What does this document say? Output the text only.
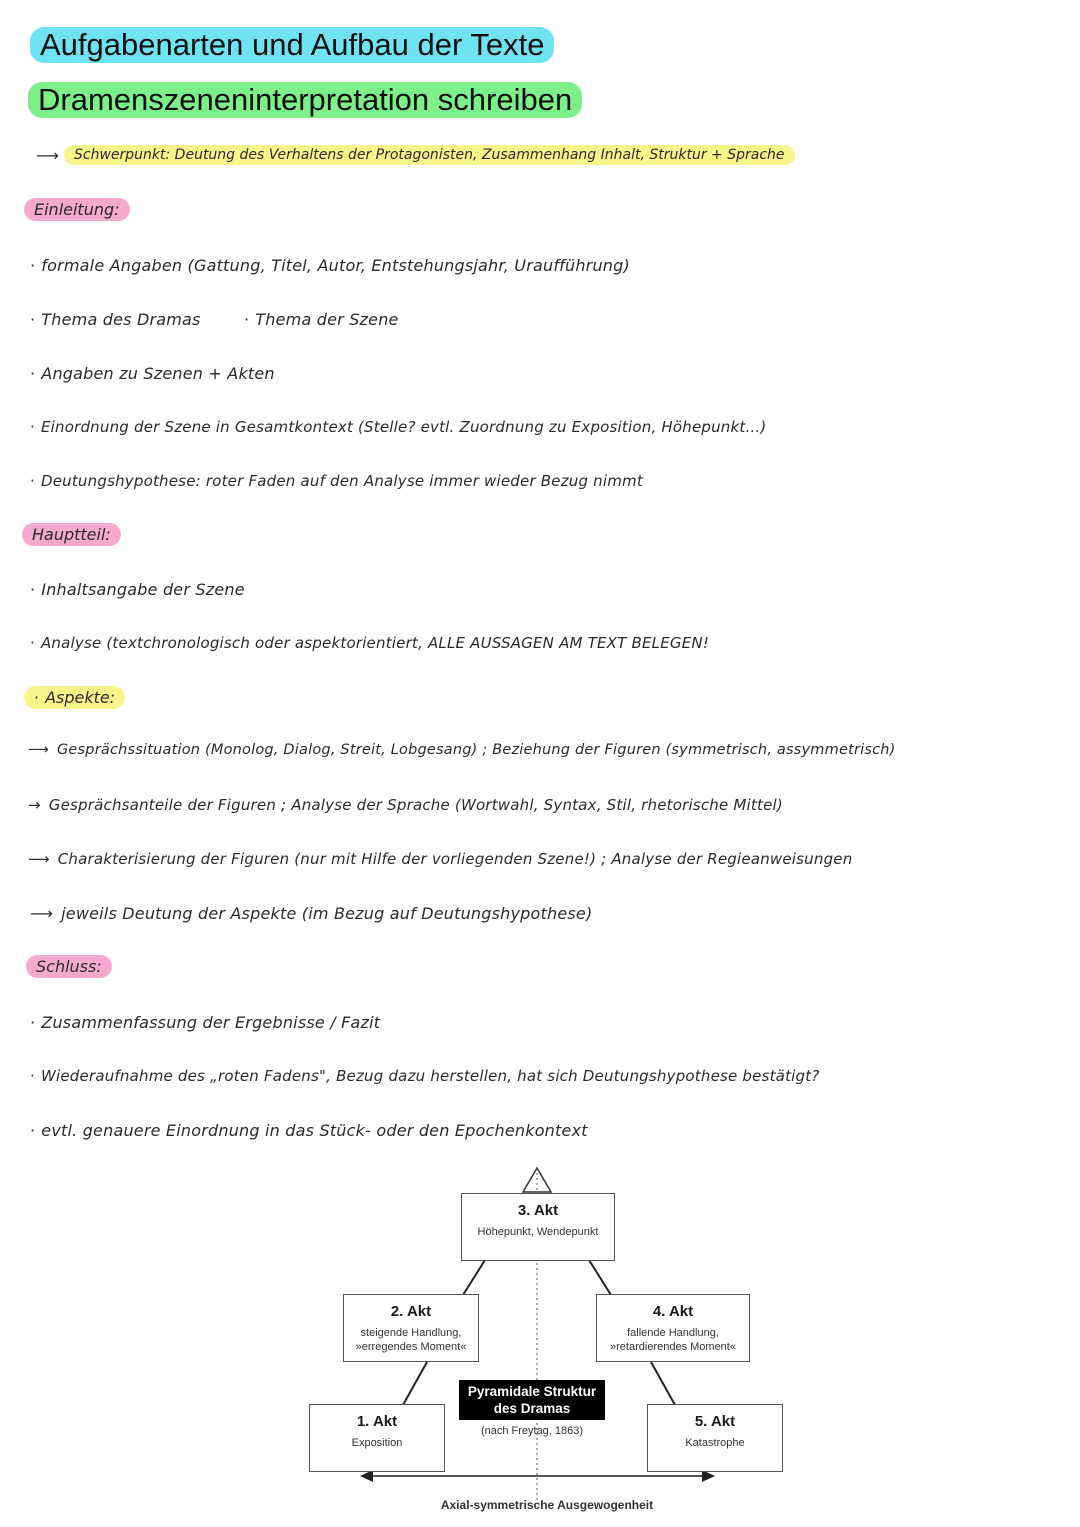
Aufgabenarten und Aufbau der Texte
Dramenszeneninterpretation schreiben
⟶	Schwerpunkt: Deutung des Verhaltens der Protagonisten, Zusammenhang Inhalt, Struktur + Sprache
Einleitung:
· formale Angaben (Gattung, Titel, Autor, Entstehungsjahr, Uraufführung)
· Thema des Dramas	· Thema der Szene
· Angaben zu Szenen + Akten
· Einordnung der Szene in Gesamtkontext (Stelle? evtl. Zuordnung zu Exposition, Höhepunkt...)
· Deutungshypothese: roter Faden auf den Analyse immer wieder Bezug nimmt
Hauptteil:
· Inhaltsangabe der Szene
· Analyse (textchronologisch oder aspektorientiert, ALLE AUSSAGEN AM TEXT BELEGEN!
· Aspekte:
⟶ Gesprächssituation (Monolog, Dialog, Streit, Lobgesang) ; Beziehung der Figuren (symmetrisch, assymmetrisch)
→ Gesprächsanteile der Figuren ; Analyse der Sprache (Wortwahl, Syntax, Stil, rhetorische Mittel)
⟶ Charakterisierung der Figuren (nur mit Hilfe der vorliegenden Szene!) ; Analyse der Regieanweisungen
⟶ jeweils Deutung der Aspekte (im Bezug auf Deutungshypothese)
Schluss:
· Zusammenfassung der Ergebnisse / Fazit
· Wiederaufnahme des „roten Fadens", Bezug dazu herstellen, hat sich Deutungshypothese bestätigt?
· evtl. genauere Einordnung in das Stück- oder den Epochenkontext
3. Akt
Höhepunkt, Wendepunkt
2. Akt
steigende Handlung,
»erregendes Moment«
4. Akt
fallende Handlung,
»retardierendes Moment«
1. Akt
Exposition
5. Akt
Katastrophe
Pyramidale Struktur
des Dramas
(nach Freytag, 1863)
Axial-symmetrische Ausgewogenheit
